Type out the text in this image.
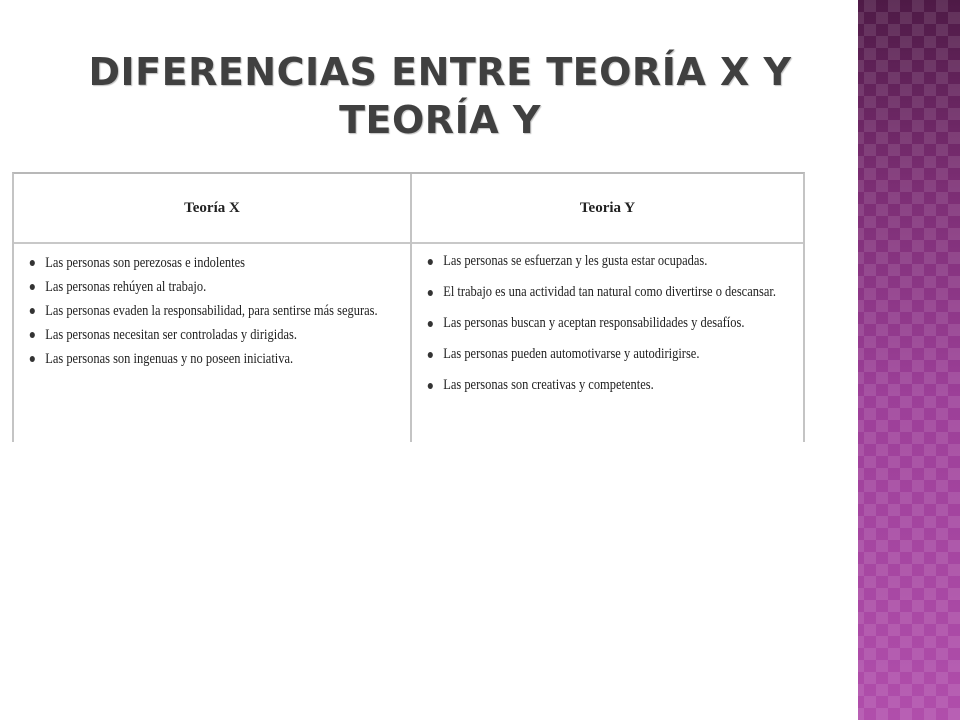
DIFERENCIAS ENTRE TEORÍA X Y TEORÍA Y
Teoría X	Teoria Y
Las personas son perezosas e indolentes
Las personas rehúyen al trabajo.
Las personas evaden la responsabilidad, para sentirse más seguras.
Las personas necesitan ser controladas y dirigidas.
Las personas son ingenuas y no poseen iniciativa.
Las personas se esfuerzan y les gusta estar ocupadas.
El trabajo es una actividad tan natural como divertirse o descansar.
Las personas buscan y aceptan responsabilidades y desafíos.
Las personas pueden automotivarse y autodirigirse.
Las personas son creativas y competentes.
